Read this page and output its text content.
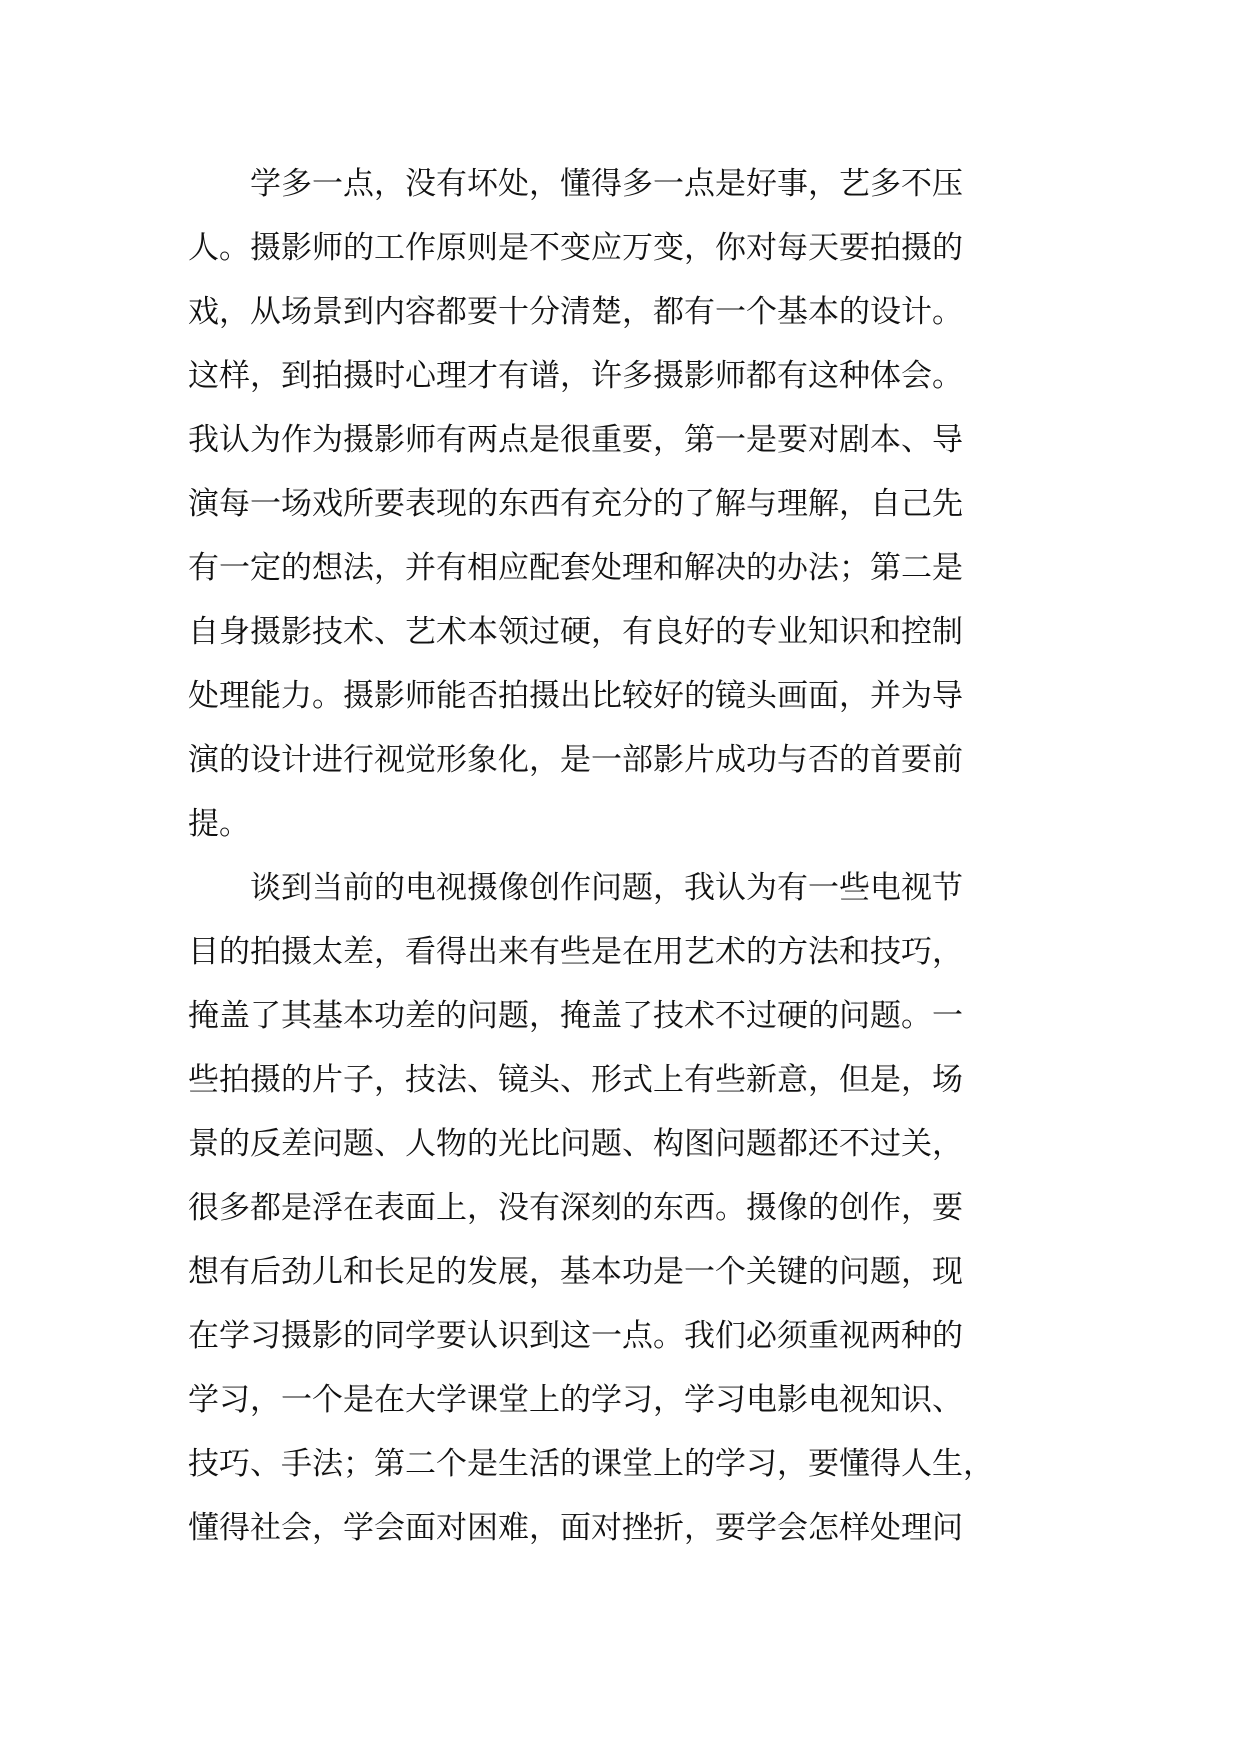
学多一点，没有坏处，懂得多一点是好事，艺多不压
人。摄影师的工作原则是不变应万变，你对每天要拍摄的
戏，从场景到内容都要十分清楚，都有一个基本的设计。
这样，到拍摄时心理才有谱，许多摄影师都有这种体会。
我认为作为摄影师有两点是很重要，第一是要对剧本、导
演每一场戏所要表现的东西有充分的了解与理解，自己先
有一定的想法，并有相应配套处理和解决的办法；第二是
自身摄影技术、艺术本领过硬，有良好的专业知识和控制
处理能力。摄影师能否拍摄出比较好的镜头画面，并为导
演的设计进行视觉形象化，是一部影片成功与否的首要前
提。
谈到当前的电视摄像创作问题，我认为有一些电视节
目的拍摄太差，看得出来有些是在用艺术的方法和技巧，
掩盖了其基本功差的问题，掩盖了技术不过硬的问题。一
些拍摄的片子，技法、镜头、形式上有些新意，但是，场
景的反差问题、人物的光比问题、构图问题都还不过关，
很多都是浮在表面上，没有深刻的东西。摄像的创作，要
想有后劲儿和长足的发展，基本功是一个关键的问题，现
在学习摄影的同学要认识到这一点。我们必须重视两种的
学习，一个是在大学课堂上的学习，学习电影电视知识、
技巧、手法；第二个是生活的课堂上的学习，要懂得人生，
懂得社会，学会面对困难，面对挫折，要学会怎样处理问
